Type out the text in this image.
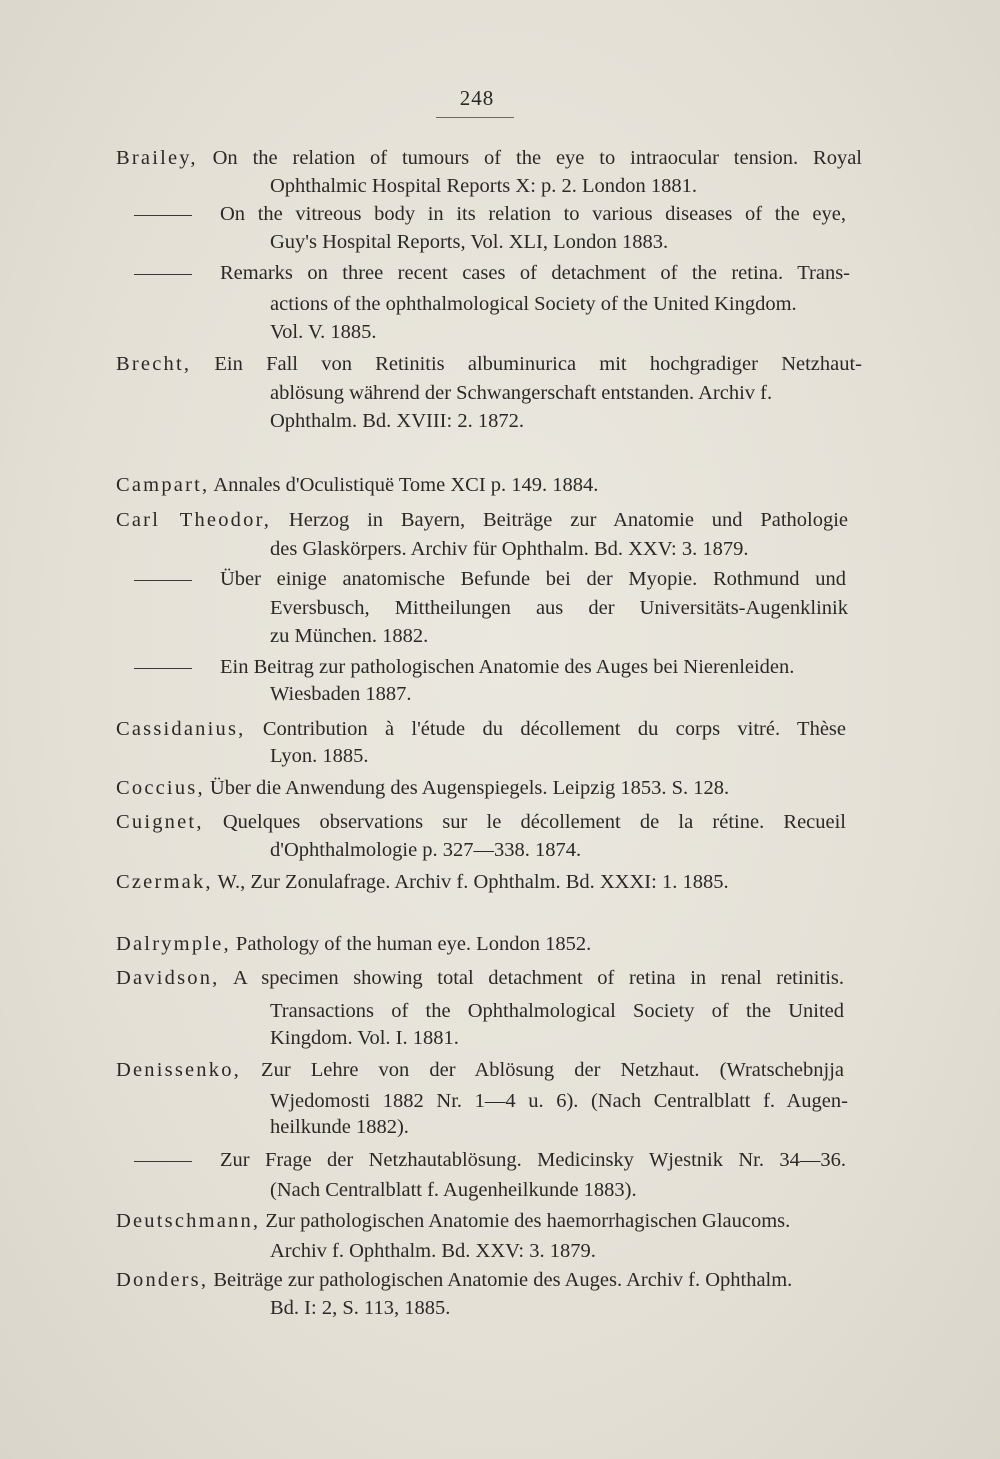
248
Brailey, On the relation of tumours of the eye to intraocular tension. Royal
Ophthalmic Hospital Reports X: p. 2. London 1881.
On the vitreous body in its relation to various diseases of the eye,
Guy's Hospital Reports, Vol. XLI, London 1883.
Remarks on three recent cases of detachment of the retina. Trans-
actions of the ophthalmological Society of the United Kingdom.
Vol. V. 1885.
Brecht, Ein Fall von Retinitis albuminurica mit hochgradiger Netzhaut-
ablösung während der Schwangerschaft entstanden. Archiv f.
Ophthalm. Bd. XVIII: 2. 1872.
Campart, Annales d'Oculistiquë Tome XCI p. 149. 1884.
Carl Theodor, Herzog in Bayern, Beiträge zur Anatomie und Pathologie
des Glaskörpers. Archiv für Ophthalm. Bd. XXV: 3. 1879.
Über einige anatomische Befunde bei der Myopie. Rothmund und
Eversbusch, Mittheilungen aus der Universitäts-Augenklinik
zu München. 1882.
Ein Beitrag zur pathologischen Anatomie des Auges bei Nierenleiden.
Wiesbaden 1887.
Cassidanius, Contribution à l'étude du décollement du corps vitré. Thèse
Lyon. 1885.
Coccius, Über die Anwendung des Augenspiegels. Leipzig 1853. S. 128.
Cuignet, Quelques observations sur le décollement de la rétine. Recueil
d'Ophthalmologie p. 327—338. 1874.
Czermak, W., Zur Zonulafrage. Archiv f. Ophthalm. Bd. XXXI: 1. 1885.
Dalrymple, Pathology of the human eye. London 1852.
Davidson, A specimen showing total detachment of retina in renal retinitis.
Transactions of the Ophthalmological Society of the United
Kingdom. Vol. I. 1881.
Denissenko, Zur Lehre von der Ablösung der Netzhaut. (Wratschebnjja
Wjedomosti 1882 Nr. 1—4 u. 6). (Nach Centralblatt f. Augen-
heilkunde 1882).
Zur Frage der Netzhautablösung. Medicinsky Wjestnik Nr. 34—36.
(Nach Centralblatt f. Augenheilkunde 1883).
Deutschmann, Zur pathologischen Anatomie des haemorrhagischen Glaucoms.
Archiv f. Ophthalm. Bd. XXV: 3. 1879.
Donders, Beiträge zur pathologischen Anatomie des Auges. Archiv f. Ophthalm.
Bd. I: 2, S. 113, 1885.
